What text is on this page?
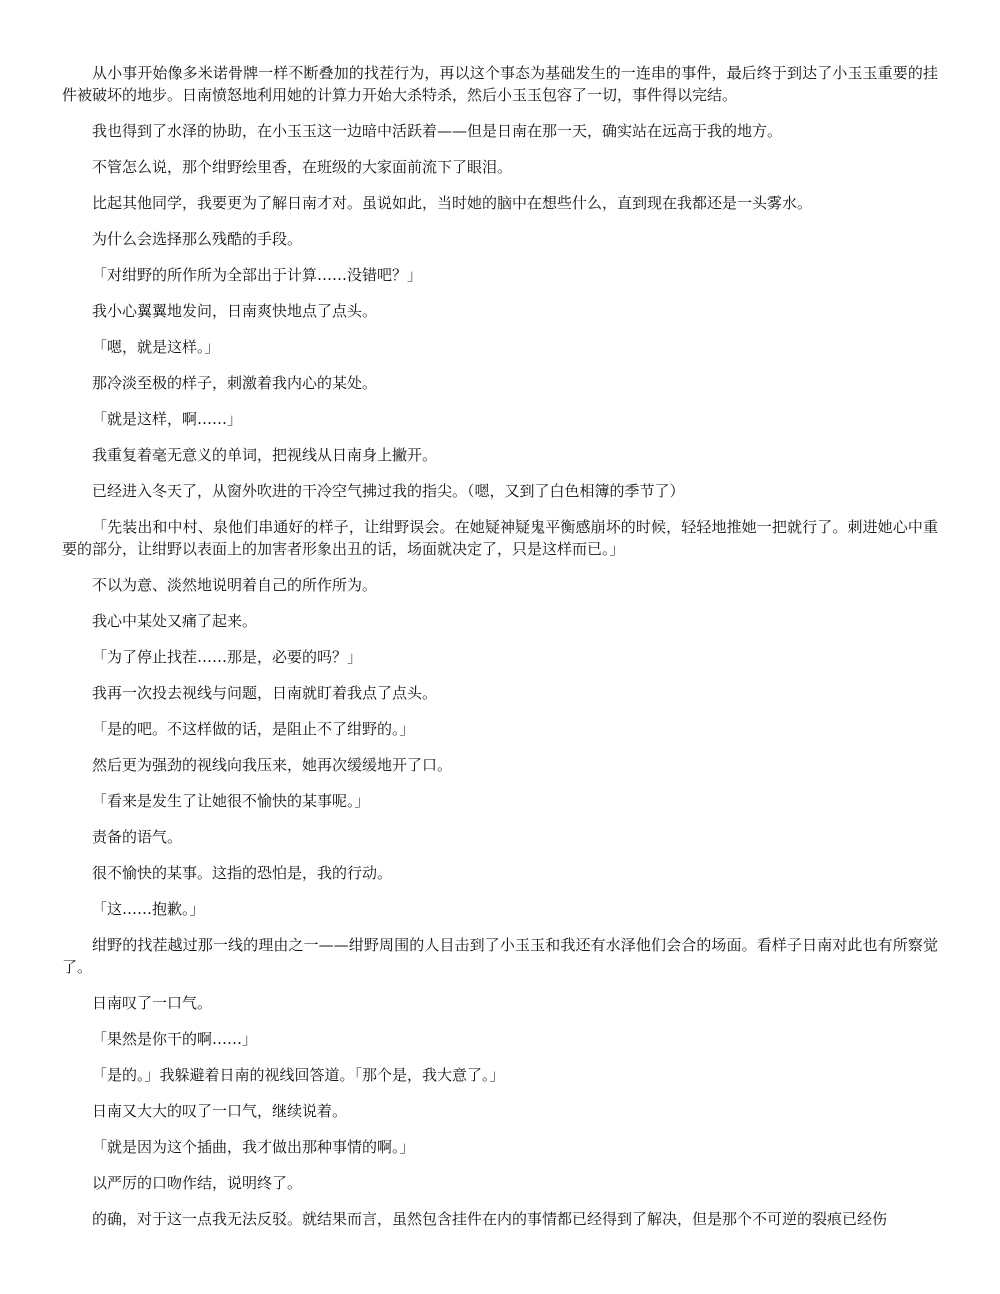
从小事开始像多米诺骨牌一样不断叠加的找茬行为，再以这个事态为基础发生的一连串的事件，最后终于到达了小玉玉重要的挂件被破坏的地步。日南愤怒地利用她的计算力开始大杀特杀，然后小玉玉包容了一切，事件得以完结。

我也得到了水泽的协助，在小玉玉这一边暗中活跃着——但是日南在那一天，确实站在远高于我的地方。

不管怎么说，那个绀野绘里香，在班级的大家面前流下了眼泪。

比起其他同学，我要更为了解日南才对。虽说如此，当时她的脑中在想些什么，直到现在我都还是一头雾水。

为什么会选择那么残酷的手段。

「对绀野的所作所为全部出于计算……没错吧？」

我小心翼翼地发问，日南爽快地点了点头。

「嗯，就是这样。」

那冷淡至极的样子，刺激着我内心的某处。

「就是这样，啊……」

我重复着毫无意义的单词，把视线从日南身上撇开。

已经进入冬天了，从窗外吹进的干冷空气拂过我的指尖。（嗯，又到了白色相簿的季节了）

「先装出和中村、泉他们串通好的样子，让绀野误会。在她疑神疑鬼平衡感崩坏的时候，轻轻地推她一把就行了。刺进她心中重要的部分，让绀野以表面上的加害者形象出丑的话，场面就决定了，只是这样而已。」

不以为意、淡然地说明着自己的所作所为。

我心中某处又痛了起来。

「为了停止找茬……那是，必要的吗？」

我再一次投去视线与问题，日南就盯着我点了点头。

「是的吧。不这样做的话，是阻止不了绀野的。」

然后更为强劲的视线向我压来，她再次缓缓地开了口。

「看来是发生了让她很不愉快的某事呢。」

责备的语气。

很不愉快的某事。这指的恐怕是，我的行动。

「这……抱歉。」

绀野的找茬越过那一线的理由之一——绀野周围的人目击到了小玉玉和我还有水泽他们会合的场面。看样子日南对此也有所察觉了。

日南叹了一口气。

「果然是你干的啊……」

「是的。」我躲避着日南的视线回答道。「那个是，我大意了。」

日南又大大的叹了一口气，继续说着。

「就是因为这个插曲，我才做出那种事情的啊。」

以严厉的口吻作结，说明终了。

的确，对于这一点我无法反驳。就结果而言，虽然包含挂件在内的事情都已经得到了解决，但是那个不可逆的裂痕已经伤
